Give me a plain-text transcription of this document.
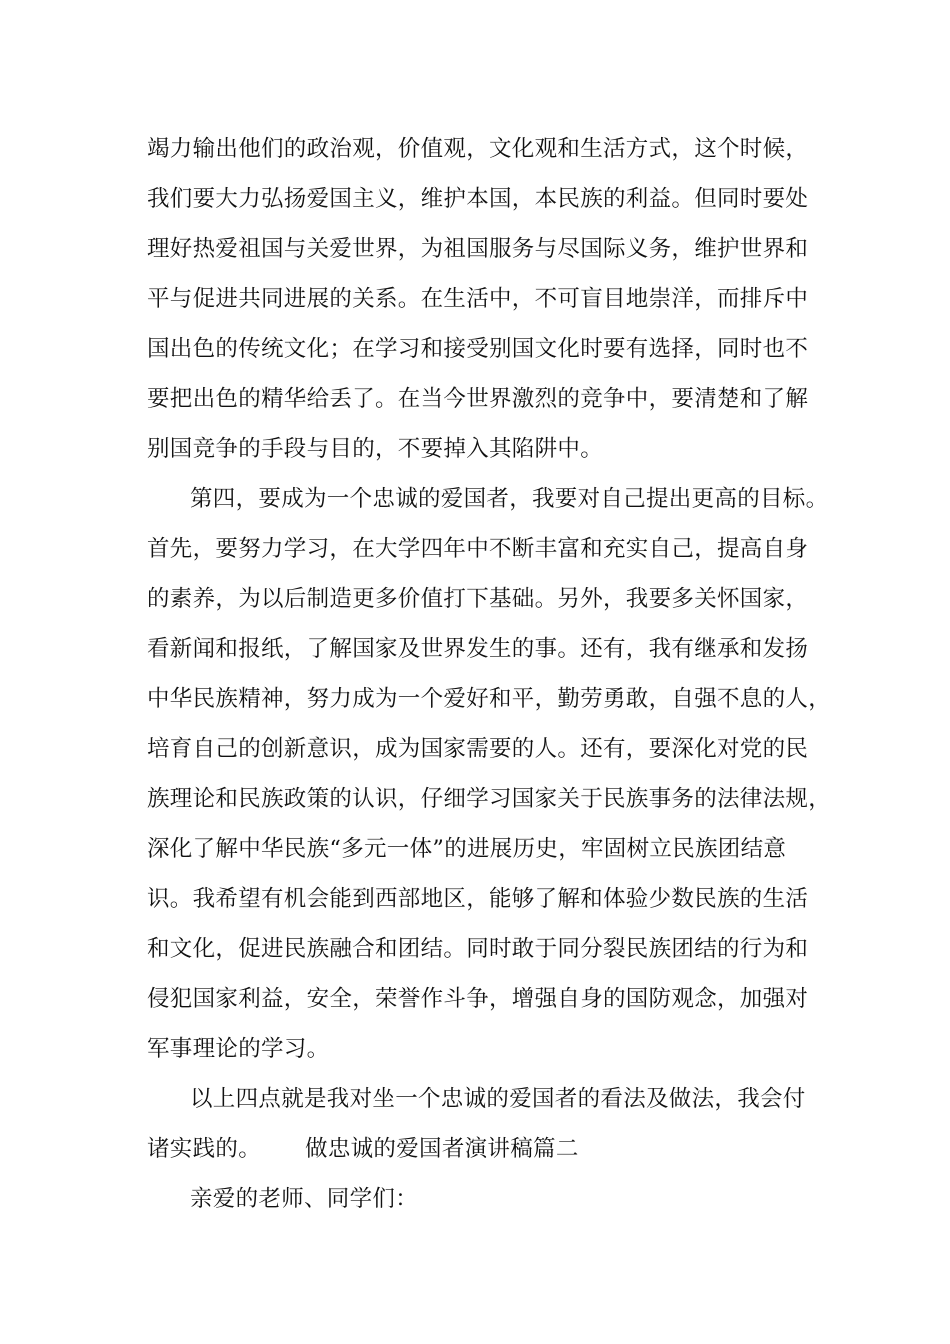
竭力输出他们的政治观，价值观，文化观和生活方式，这个时候，
我们要大力弘扬爱国主义，维护本国，本民族的利益。但同时要处
理好热爱祖国与关爱世界，为祖国服务与尽国际义务，维护世界和
平与促进共同进展的关系。在生活中，不可盲目地崇洋，而排斥中
国出色的传统文化；在学习和接受别国文化时要有选择，同时也不
要把出色的精华给丢了。在当今世界激烈的竞争中，要清楚和了解
别国竞争的手段与目的，不要掉入其陷阱中。
第四，要成为一个忠诚的爱国者，我要对自己提出更高的目标。
首先，要努力学习，在大学四年中不断丰富和充实自己，提高自身
的素养，为以后制造更多价值打下基础。另外，我要多关怀国家，
看新闻和报纸，了解国家及世界发生的事。还有，我有继承和发扬
中华民族精神，努力成为一个爱好和平，勤劳勇敢，自强不息的人，
培育自己的创新意识，成为国家需要的人。还有，要深化对党的民
族理论和民族政策的认识，仔细学习国家关于民族事务的法律法规，
深化了解中华民族“多元一体”的进展历史，牢固树立民族团结意
识。我希望有机会能到西部地区，能够了解和体验少数民族的生活
和文化，促进民族融合和团结。同时敢于同分裂民族团结的行为和
侵犯国家利益，安全，荣誉作斗争，增强自身的国防观念，加强对
军事理论的学习。
以上四点就是我对坐一个忠诚的爱国者的看法及做法，我会付
诸实践的。 做忠诚的爱国者演讲稿篇二
亲爱的老师、同学们：
